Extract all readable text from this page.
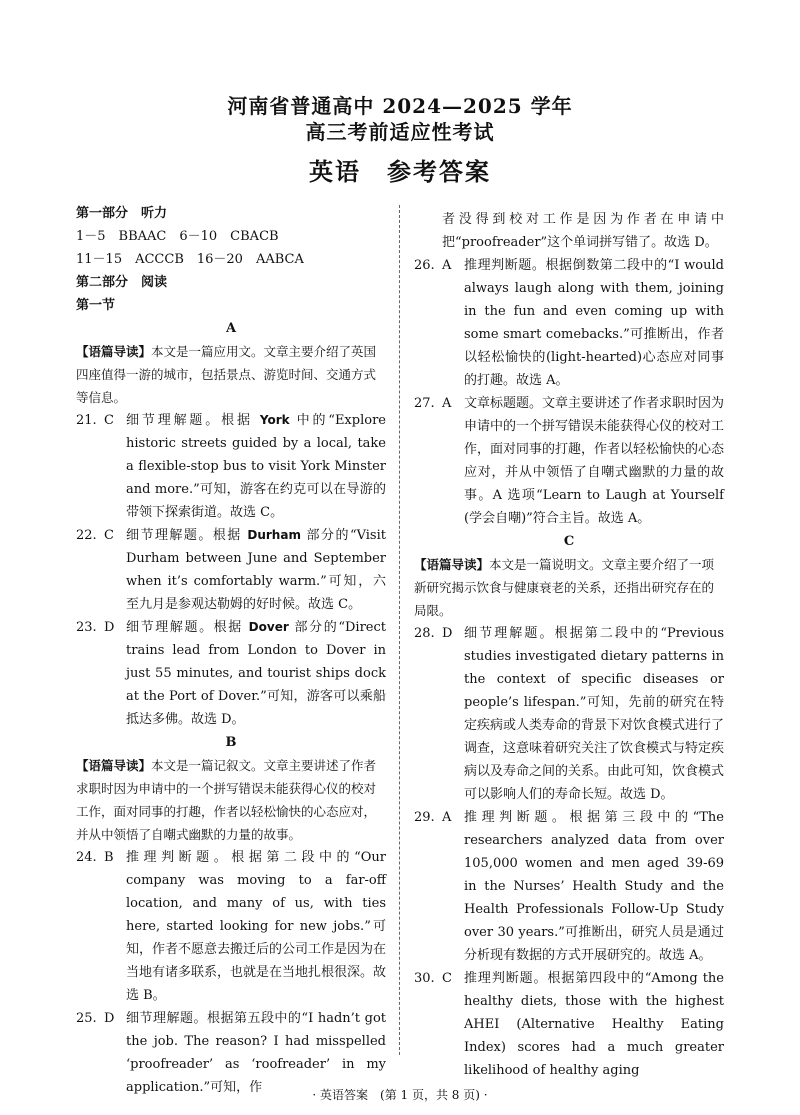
河南省普通高中 2024—2025 学年
高三考前适应性考试
英语　参考答案

第一部分　听力

1－5　BBAAC　6－10　CBACB

11－15　ACCCB　16－20　AABCA

第二部分　阅读

第一节

A

【语篇导读】本文是一篇应用文。文章主要介绍了英国四座值得一游的城市，包括景点、游览时间、交通方式等信息。

21. C 细节理解题。根据 York 中的“Explore historic streets guided by a local, take a flexible-stop bus to visit York Minster and more.”可知，游客在约克可以在导游的带领下探索街道。故选 C。
22. C 细节理解题。根据 Durham 部分的“Visit Durham between June and September when it’s comfortably warm.”可知，六至九月是参观达勒姆的好时候。故选 C。
23. D 细节理解题。根据 Dover 部分的“Direct trains lead from London to Dover in just 55 minutes, and tourist ships dock at the Port of Dover.”可知，游客可以乘船抵达多佛。故选 D。

B

【语篇导读】本文是一篇记叙文。文章主要讲述了作者求职时因为申请中的一个拼写错误未能获得心仪的校对工作，面对同事的打趣，作者以轻松愉快的心态应对，并从中领悟了自嘲式幽默的力量的故事。

24. B 推理判断题。根据第二段中的“Our company was moving to a far-off location, and many of us, with ties here, started looking for new jobs.”可知，作者不愿意去搬迁后的公司工作是因为在当地有诸多联系，也就是在当地扎根很深。故选 B。
25. D 细节理解题。根据第五段中的“I hadn’t got the job. The reason? I had misspelled ‘proofreader’ as ‘roofreader’ in my application.”可知，作

者没得到校对工作是因为作者在申请中把“proofreader”这个单词拼写错了。故选 D。

26. A 推理判断题。根据倒数第二段中的“I would always laugh along with them, joining in the fun and even coming up with some smart comebacks.”可推断出，作者以轻松愉快的(light-hearted)心态应对同事的打趣。故选 A。
27. A 文章标题题。文章主要讲述了作者求职时因为申请中的一个拼写错误未能获得心仪的校对工作，面对同事的打趣，作者以轻松愉快的心态应对，并从中领悟了自嘲式幽默的力量的故事。A 选项“Learn to Laugh at Yourself (学会自嘲)”符合主旨。故选 A。

C

【语篇导读】本文是一篇说明文。文章主要介绍了一项新研究揭示饮食与健康衰老的关系，还指出研究存在的局限。

28. D 细节理解题。根据第二段中的“Previous studies investigated dietary patterns in the context of specific diseases or people’s lifespan.”可知，先前的研究在特定疾病或人类寿命的背景下对饮食模式进行了调查，这意味着研究关注了饮食模式与特定疾病以及寿命之间的关系。由此可知，饮食模式可以影响人们的寿命长短。故选 D。
29. A 推理判断题。根据第三段中的“The researchers analyzed data from over 105,000 women and men aged 39-69 in the Nurses’ Health Study and the Health Professionals Follow-Up Study over 30 years.”可推断出，研究人员是通过分析现有数据的方式开展研究的。故选 A。
30. C 推理判断题。根据第四段中的“Among the healthy diets, those with the highest AHEI (Alternative Healthy Eating Index) scores had a much greater likelihood of healthy aging
· 英语答案　(第 1 页，共 8 页) ·
